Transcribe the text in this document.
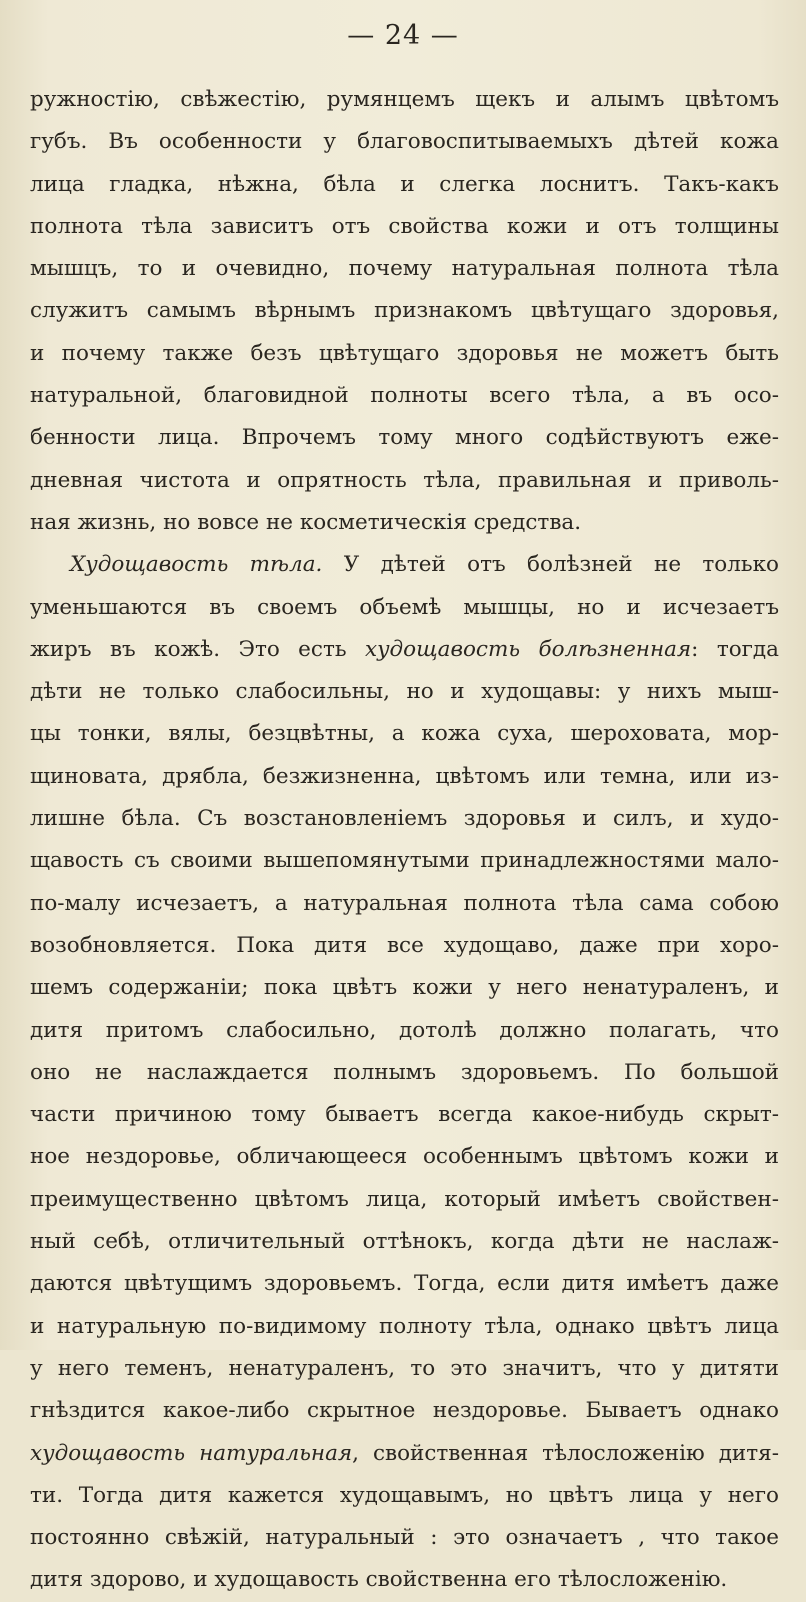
— 24 —
ружностію, свѣжестію, румянцемъ щекъ и алымъ цвѣтомъ
губъ. Въ особенности у благовоспитываемыхъ дѣтей кожа
лица гладка, нѣжна, бѣла и слегка лоснитъ. Такъ-какъ
полнота тѣла зависитъ отъ свойства кожи и отъ толщины
мышцъ, то и очевидно, почему натуральная полнота тѣла
служитъ самымъ вѣрнымъ признакомъ цвѣтущаго здоровья,
и почему также безъ цвѣтущаго здоровья не можетъ быть
натуральной, благовидной полноты всего тѣла, а въ осо-
бенности лица. Впрочемъ тому много содѣйствуютъ еже-
дневная чистота и опрятность тѣла, правильная и приволь-
ная жизнь, но вовсе не косметическія средства.
Худощавость тѣла. У дѣтей отъ болѣзней не только
уменьшаются въ своемъ объемѣ мышцы, но и исчезаетъ
жиръ въ кожѣ. Это есть худощавость болѣзненная: тогда
дѣти не только слабосильны, но и худощавы: у нихъ мыш-
цы тонки, вялы, безцвѣтны, а кожа суха, шероховата, мор-
щиновата, дрябла, безжизненна, цвѣтомъ или темна, или из-
лишне бѣла. Съ возстановленіемъ здоровья и силъ, и худо-
щавость съ своими вышепомянутыми принадлежностями мало-
по-малу исчезаетъ, а натуральная полнота тѣла сама собою
возобновляется. Пока дитя все худощаво, даже при хоро-
шемъ содержаніи; пока цвѣтъ кожи у него ненатураленъ, и
дитя притомъ слабосильно, дотолѣ должно полагать, что
оно не наслаждается полнымъ здоровьемъ. По большой
части причиною тому бываетъ всегда какое-нибудь скрыт-
ное нездоровье, обличающееся особеннымъ цвѣтомъ кожи и
преимущественно цвѣтомъ лица, который имѣетъ свойствен-
ный себѣ, отличительный оттѣнокъ, когда дѣти не наслаж-
даются цвѣтущимъ здоровьемъ. Тогда, если дитя имѣетъ даже
и натуральную по-видимому полноту тѣла, однако цвѣтъ лица
у него теменъ, ненатураленъ, то это значитъ, что у дитяти
гнѣздится какое-либо скрытное нездоровье. Бываетъ однако
худощавость натуральная, свойственная тѣлосложенію дитя-
ти. Тогда дитя кажется худощавымъ, но цвѣтъ лица у него
постоянно свѣжій, натуральный : это означаетъ , что такое
дитя здорово, и худощавость свойственна его тѣлосложенію.
